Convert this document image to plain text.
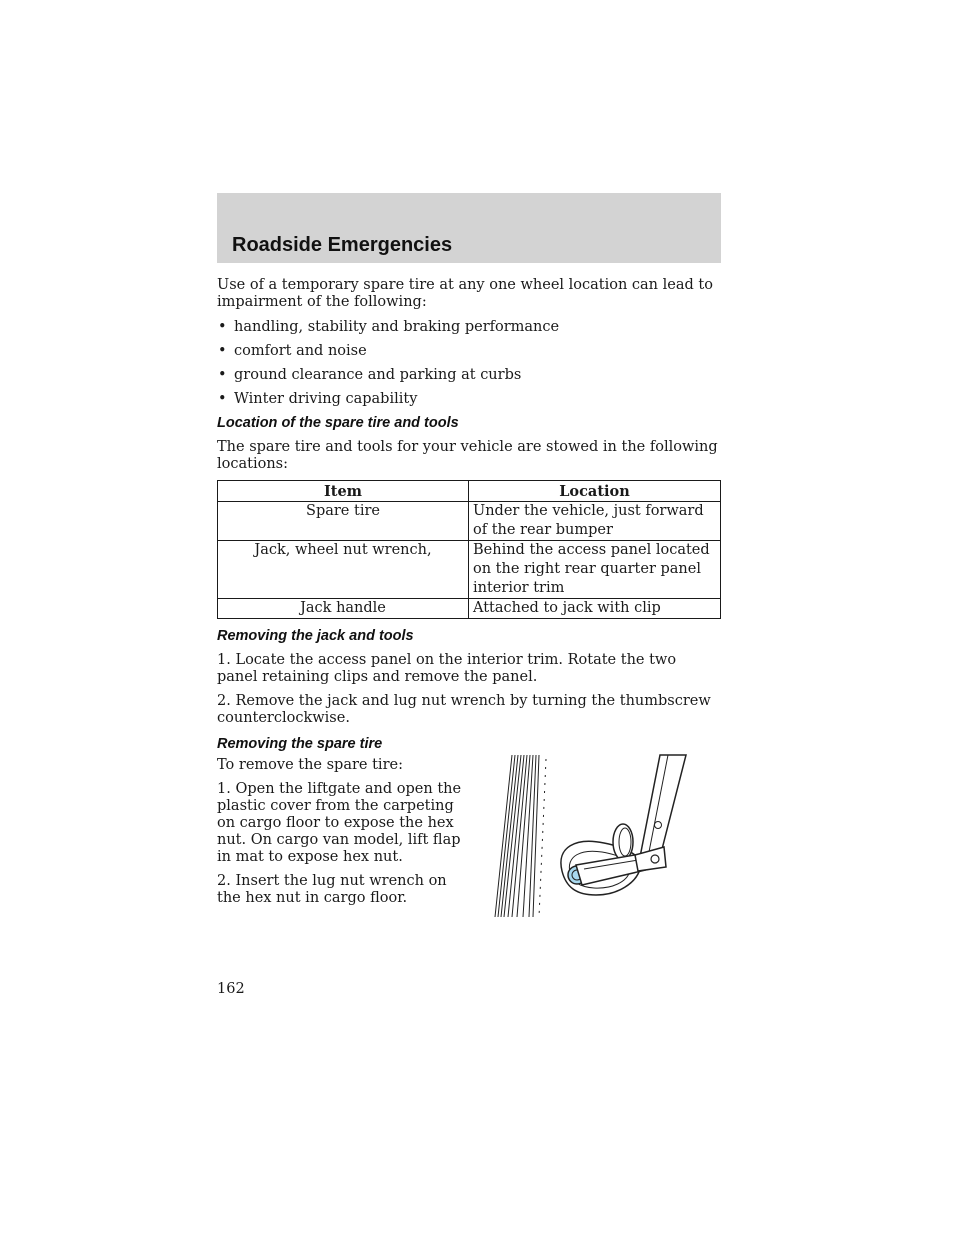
Roadside Emergencies

Use of a temporary spare tire at any one wheel location can lead to impairment of the following:

• handling, stability and braking performance
• comfort and noise
• ground clearance and parking at curbs
• Winter driving capability
Location of the spare tire and tools

The spare tire and tools for your vehicle are stowed in the following locations:

Item	Location
Spare tire	Under the vehicle, just forward of the rear bumper
Jack, wheel nut wrench,	Behind the access panel located on the right rear quarter panel interior trim
Jack handle	Attached to jack with clip
Removing the jack and tools

1. Locate the access panel on the interior trim. Rotate the two panel retaining clips and remove the panel.

2. Remove the jack and lug nut wrench by turning the thumbscrew counterclockwise.

Removing the spare tire

To remove the spare tire:

1. Open the liftgate and open the plastic cover from the carpeting on cargo floor to expose the hex nut. On cargo van model, lift flap in mat to expose hex nut.

2. Insert the lug nut wrench on the hex nut in cargo floor.

162
